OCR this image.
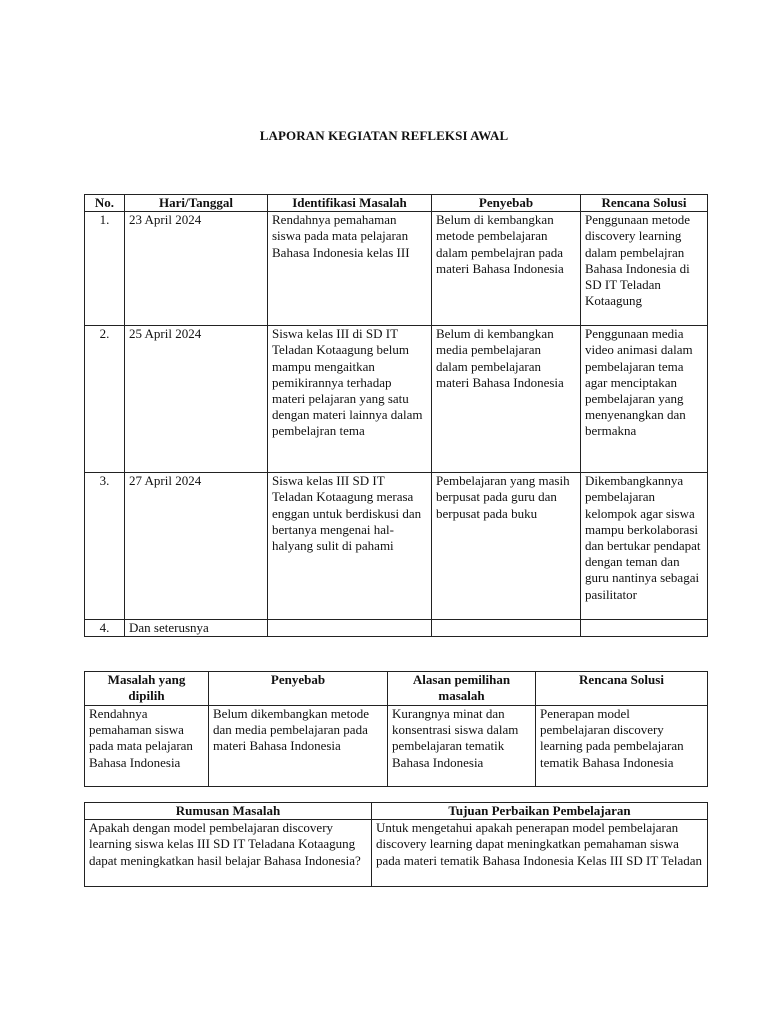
LAPORAN KEGIATAN REFLEKSI AWAL
No.	Hari/Tanggal	Identifikasi Masalah	Penyebab	Rencana Solusi
1.	23 April 2024	Rendahnya pemahaman siswa pada mata pelajaran Bahasa Indonesia kelas III	Belum di kembangkan metode pembelajaran dalam pembelajran pada materi Bahasa Indonesia	Penggunaan metode discovery learning dalam pembelajran Bahasa Indonesia di SD IT Teladan Kotaagung
2.	25 April 2024	Siswa kelas III di SD IT Teladan Kotaagung belum mampu mengaitkan pemikirannya terhadap materi pelajaran yang satu dengan materi lainnya dalam pembelajran tema	Belum di kembangkan media pembelajaran dalam pembelajaran materi Bahasa Indonesia	Penggunaan media video animasi dalam pembelajaran tema agar menciptakan pembelajaran yang menyenangkan dan bermakna
3.	27 April 2024	Siswa kelas III SD IT Teladan Kotaagung merasa enggan untuk berdiskusi dan bertanya mengenai hal-halyang sulit di pahami	Pembelajaran yang masih berpusat pada guru dan berpusat pada buku	Dikembangkannya pembelajaran kelompok agar siswa mampu berkolaborasi dan bertukar pendapat dengan teman dan guru nantinya sebagai pasilitator
4.	Dan seterusnya			
Masalah yang dipilih	Penyebab	Alasan pemilihan masalah	Rencana Solusi
Rendahnya pemahaman siswa pada mata pelajaran Bahasa Indonesia	Belum dikembangkan metode dan media pembelajaran pada materi Bahasa Indonesia	Kurangnya minat dan konsentrasi siswa dalam pembelajaran tematik Bahasa Indonesia	Penerapan model pembelajaran discovery learning pada pembelajaran tematik Bahasa Indonesia
Rumusan Masalah	Tujuan Perbaikan Pembelajaran
Apakah dengan model pembelajaran discovery learning siswa kelas III SD IT Teladana Kotaagung dapat meningkatkan hasil belajar Bahasa Indonesia?	Untuk mengetahui apakah penerapan model pembelajaran discovery learning dapat meningkatkan pemahaman siswa pada materi tematik Bahasa Indonesia Kelas III SD IT Teladan
